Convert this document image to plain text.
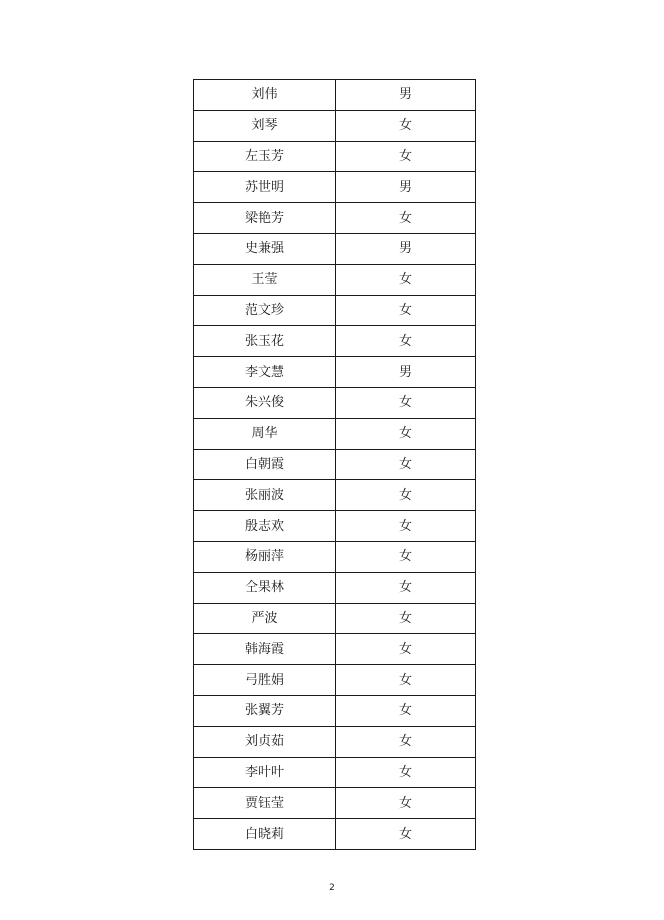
刘伟	男
刘琴	女
左玉芳	女
苏世明	男
梁艳芳	女
史兼强	男
王莹	女
范文珍	女
张玉花	女
李文慧	男
朱兴俊	女
周华	女
白朝霞	女
张丽波	女
殷志欢	女
杨丽萍	女
仝果林	女
严波	女
韩海霞	女
弓胜娟	女
张翼芳	女
刘贞茹	女
李叶叶	女
贾钰莹	女
白晓莉	女
2
